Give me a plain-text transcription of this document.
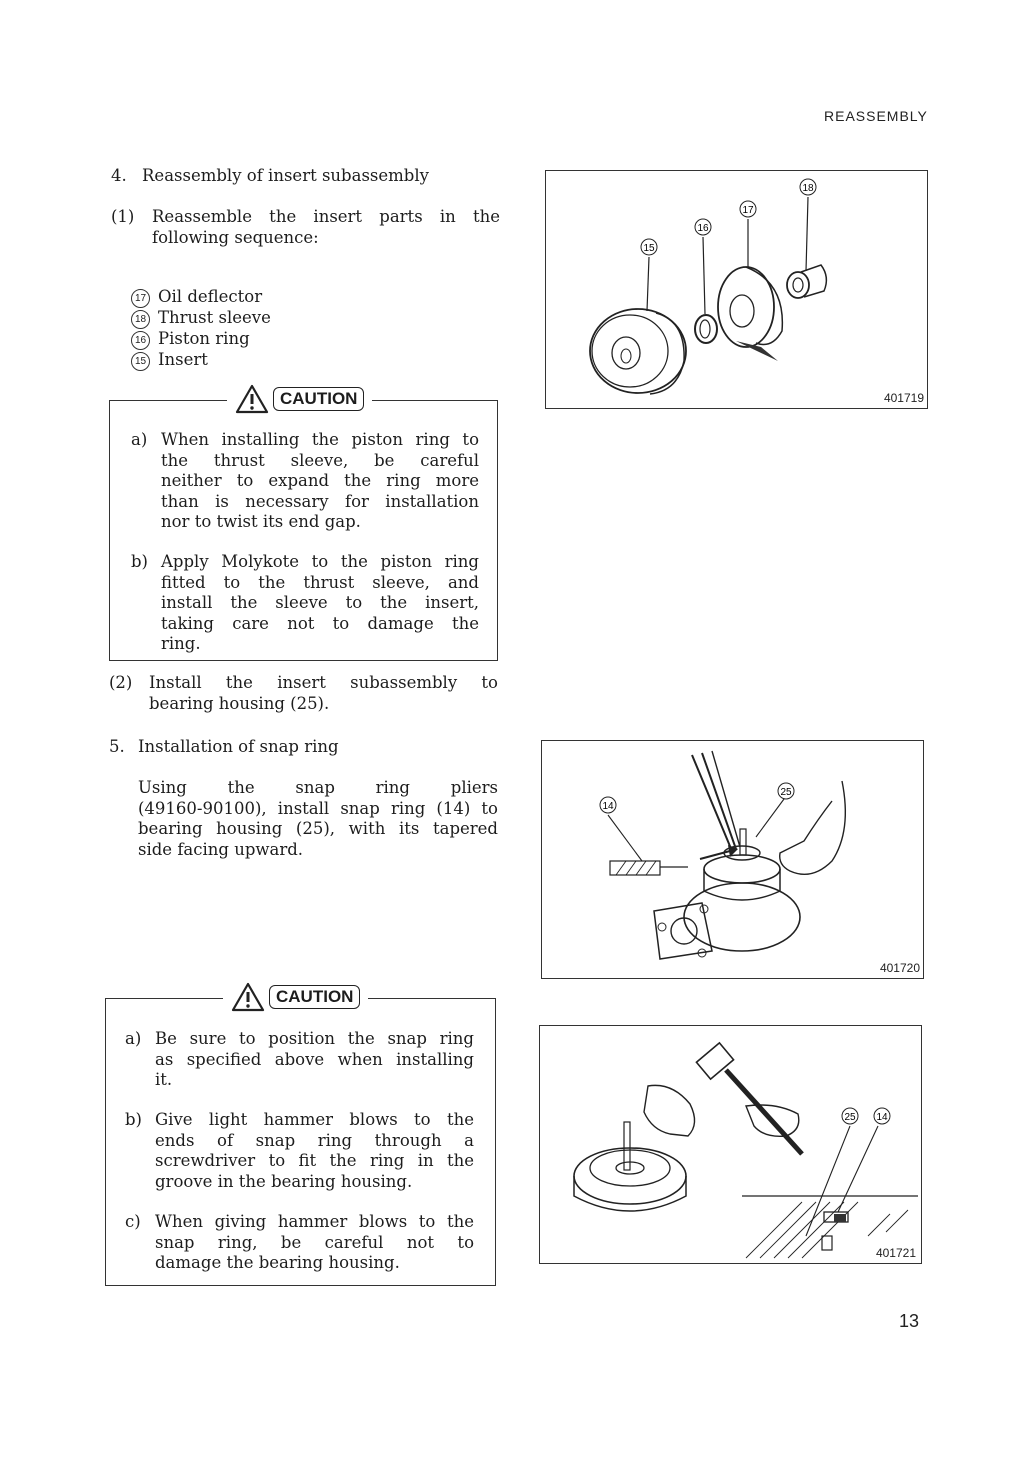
REASSEMBLY
4. Reassembly of insert subassembly
(1) Reassemble the insert parts in the
following sequence:
17 Oil deflector
18 Thrust sleeve
16 Piston ring
15 Insert
CAUTION
a) When installing the piston ring to
the thrust sleeve, be careful
neither to expand the ring more
than is necessary for installation
nor to twist its end gap.
b) Apply Molykote to the piston ring
fitted to the thrust sleeve, and
install the sleeve to the insert,
taking care not to damage the
ring.
(2) Install the insert subassembly to
bearing housing (25).
5. Installation of snap ring
Using the snap ring pliers
(49160-90100), install snap ring (14) to
bearing housing (25), with its tapered
side facing upward.
CAUTION
a) Be sure to position the snap ring
as specified above when installing
it.
b) Give light hammer blows to the
ends of snap ring through a
screwdriver to fit the ring in the
groove in the bearing housing.
c) When giving hammer blows to the
snap ring, be careful not to
damage the bearing housing.
15
16
17
18
401719
14
25
401720
25 14
401721
13
